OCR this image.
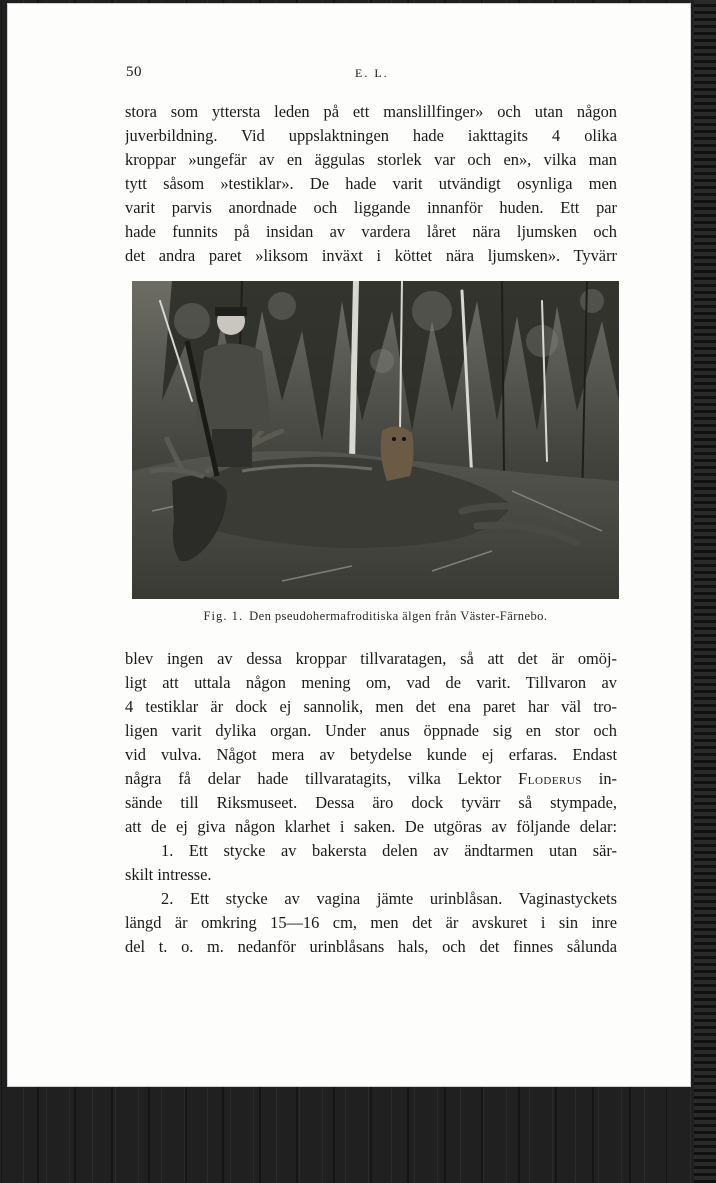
50	E. L.
stora som yttersta leden på ett manslillfinger» och utan någon
juverbildning. Vid uppslaktningen hade iakttagits 4 olika
kroppar »ungefär av en äggulas storlek var och en», vilka man
tytt såsom »testiklar». De hade varit utvändigt osynliga men
varit parvis anordnade och liggande innanför huden. Ett par
hade funnits på insidan av vardera låret nära ljumsken och
det andra paret »liksom inväxt i köttet nära ljumsken». Tyvärr
Fig. 1. Den pseudohermafroditiska älgen från Väster-Färnebo.
blev ingen av dessa kroppar tillvaratagen, så att det är omöj-
ligt att uttala någon mening om, vad de varit. Tillvaron av
4 testiklar är dock ej sannolik, men det ena paret har väl tro-
ligen varit dylika organ. Under anus öppnade sig en stor och
vid vulva. Något mera av betydelse kunde ej erfaras. Endast
några få delar hade tillvaratagits, vilka Lektor Floderus in-
sände till Riksmuseet. Dessa äro dock tyvärr så stympade,
att de ej giva någon klarhet i saken. De utgöras av följande delar:
1. Ett stycke av bakersta delen av ändtarmen utan sär-
skilt intresse.
2. Ett stycke av vagina jämte urinblåsan. Vaginastyckets
längd är omkring 15—16 cm, men det är avskuret i sin inre
del t. o. m. nedanför urinblåsans hals, och det finnes sålunda
